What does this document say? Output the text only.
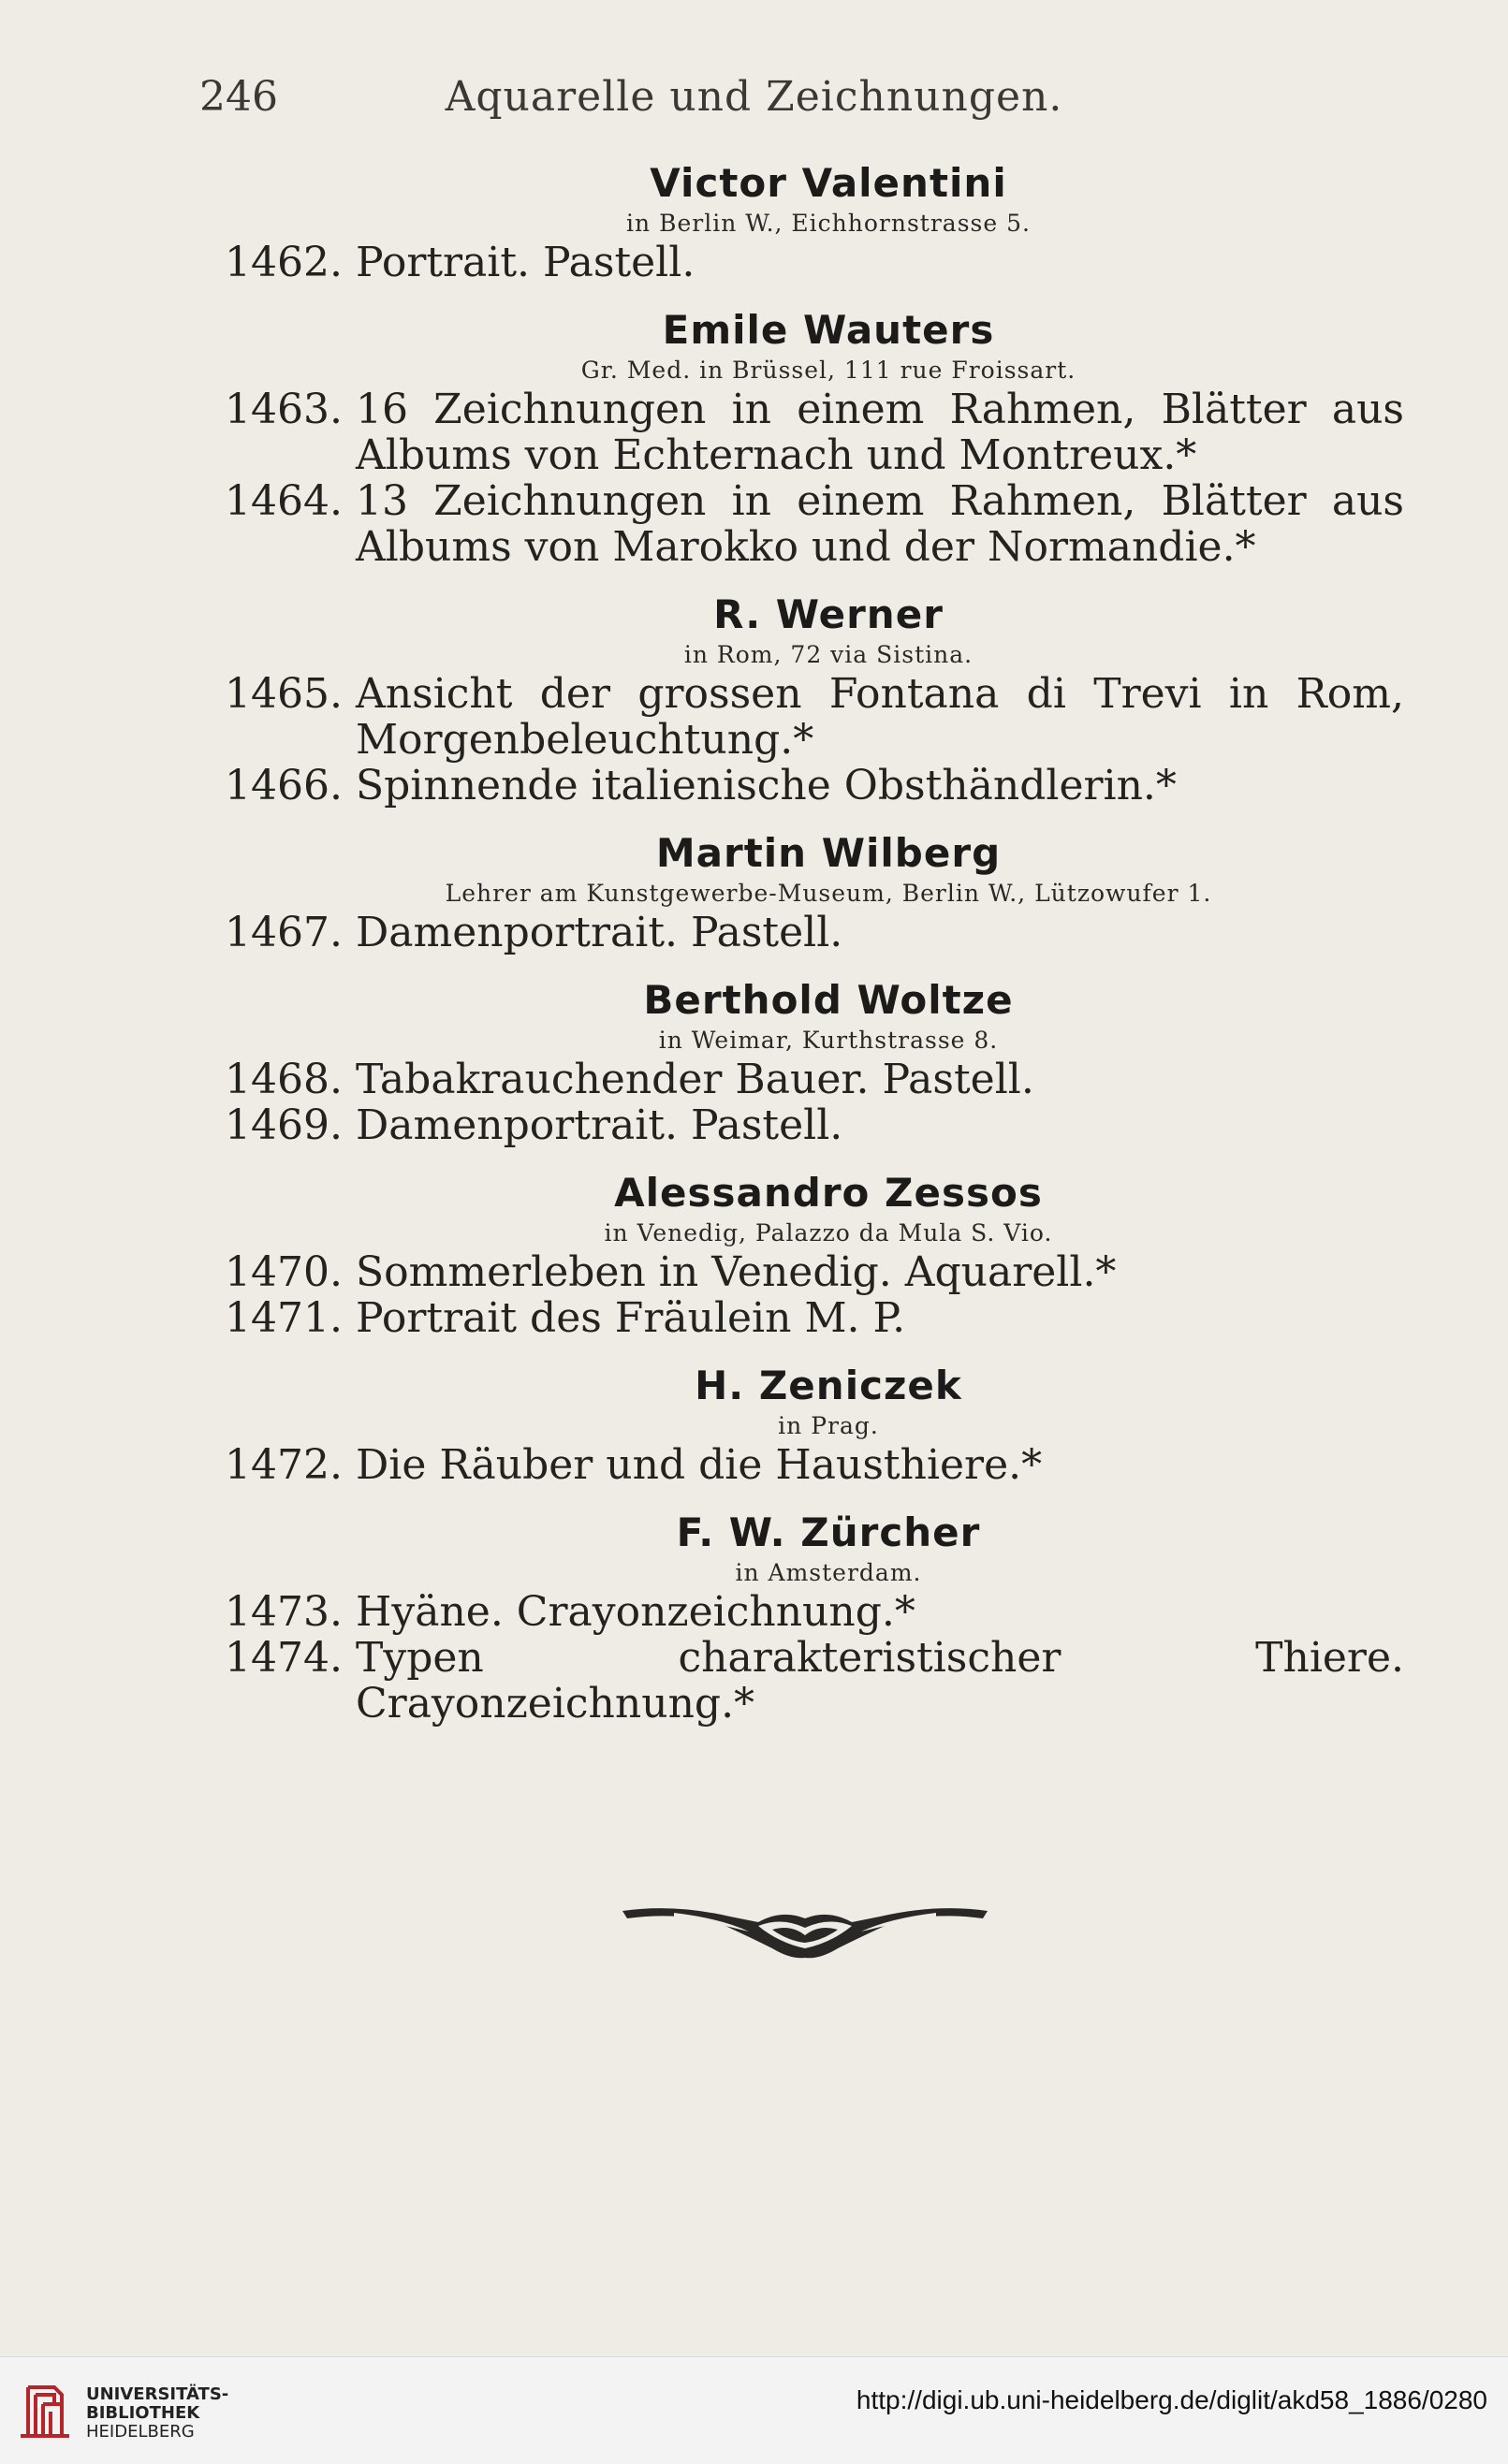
246	Aquarelle und Zeichnungen.
Victor Valentini
in Berlin W., Eichhornstrasse 5.
1462. Portrait. Pastell.
Emile Wauters
Gr. Med. in Brüssel, 111 rue Froissart.
1463. 16 Zeichnungen in einem Rahmen, Blätter aus Albums von Echternach und Montreux.*
1464. 13 Zeichnungen in einem Rahmen, Blätter aus Albums von Marokko und der Normandie.*
R. Werner
in Rom, 72 via Sistina.
1465. Ansicht der grossen Fontana di Trevi in Rom, Morgenbeleuchtung.*
1466. Spinnende italienische Obsthändlerin.*
Martin Wilberg
Lehrer am Kunstgewerbe-Museum, Berlin W., Lützowufer 1.
1467. Damenportrait. Pastell.
Berthold Woltze
in Weimar, Kurthstrasse 8.
1468. Tabakrauchender Bauer. Pastell.
1469. Damenportrait. Pastell.
Alessandro Zessos
in Venedig, Palazzo da Mula S. Vio.
1470. Sommerleben in Venedig. Aquarell.*
1471. Portrait des Fräulein M. P.
H. Zeniczek
in Prag.
1472. Die Räuber und die Hausthiere.*
F. W. Zürcher
in Amsterdam.
1473. Hyäne. Crayonzeichnung.*
1474. Typen charakteristischer Thiere. Crayonzeichnung.*
UNIVERSITÄTS-
BIBLIOTHEK
HEIDELBERG
http://digi.ub.uni-heidelberg.de/diglit/akd58_1886/0280
